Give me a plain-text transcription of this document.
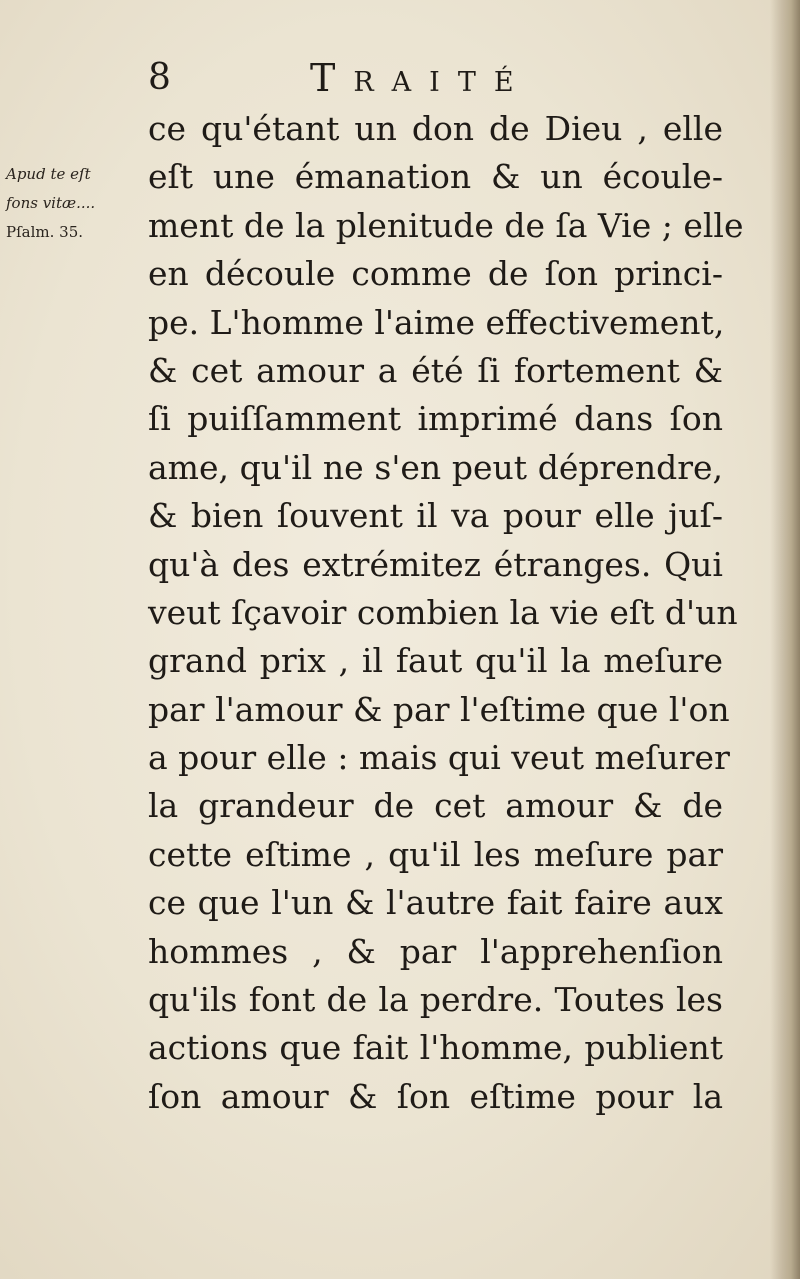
8	Traité
Apud te eſt
fons vitæ....
Pſalm. 35.
ce qu'étant un don de Dieu , elle
eſt une émanation & un écoule-
ment de la plenitude de ſa Vie ; elle
en découle comme de ſon princi-
pe. L'homme l'aime effectivement,
& cet amour a été ſi fortement &
ſi puiſſamment imprimé dans ſon
ame, qu'il ne s'en peut déprendre,
& bien ſouvent il va pour elle juſ-
qu'à des extrémitez étranges. Qui
veut ſçavoir combien la vie eſt d'un
grand prix , il faut qu'il la meſure
par l'amour & par l'eſtime que l'on
a pour elle : mais qui veut meſurer
la grandeur de cet amour & de
cette eſtime , qu'il les meſure par
ce que l'un & l'autre fait faire aux
hommes , & par l'apprehenſion
qu'ils font de la perdre. Toutes les
actions que fait l'homme, publient
ſon amour & ſon eſtime pour la
